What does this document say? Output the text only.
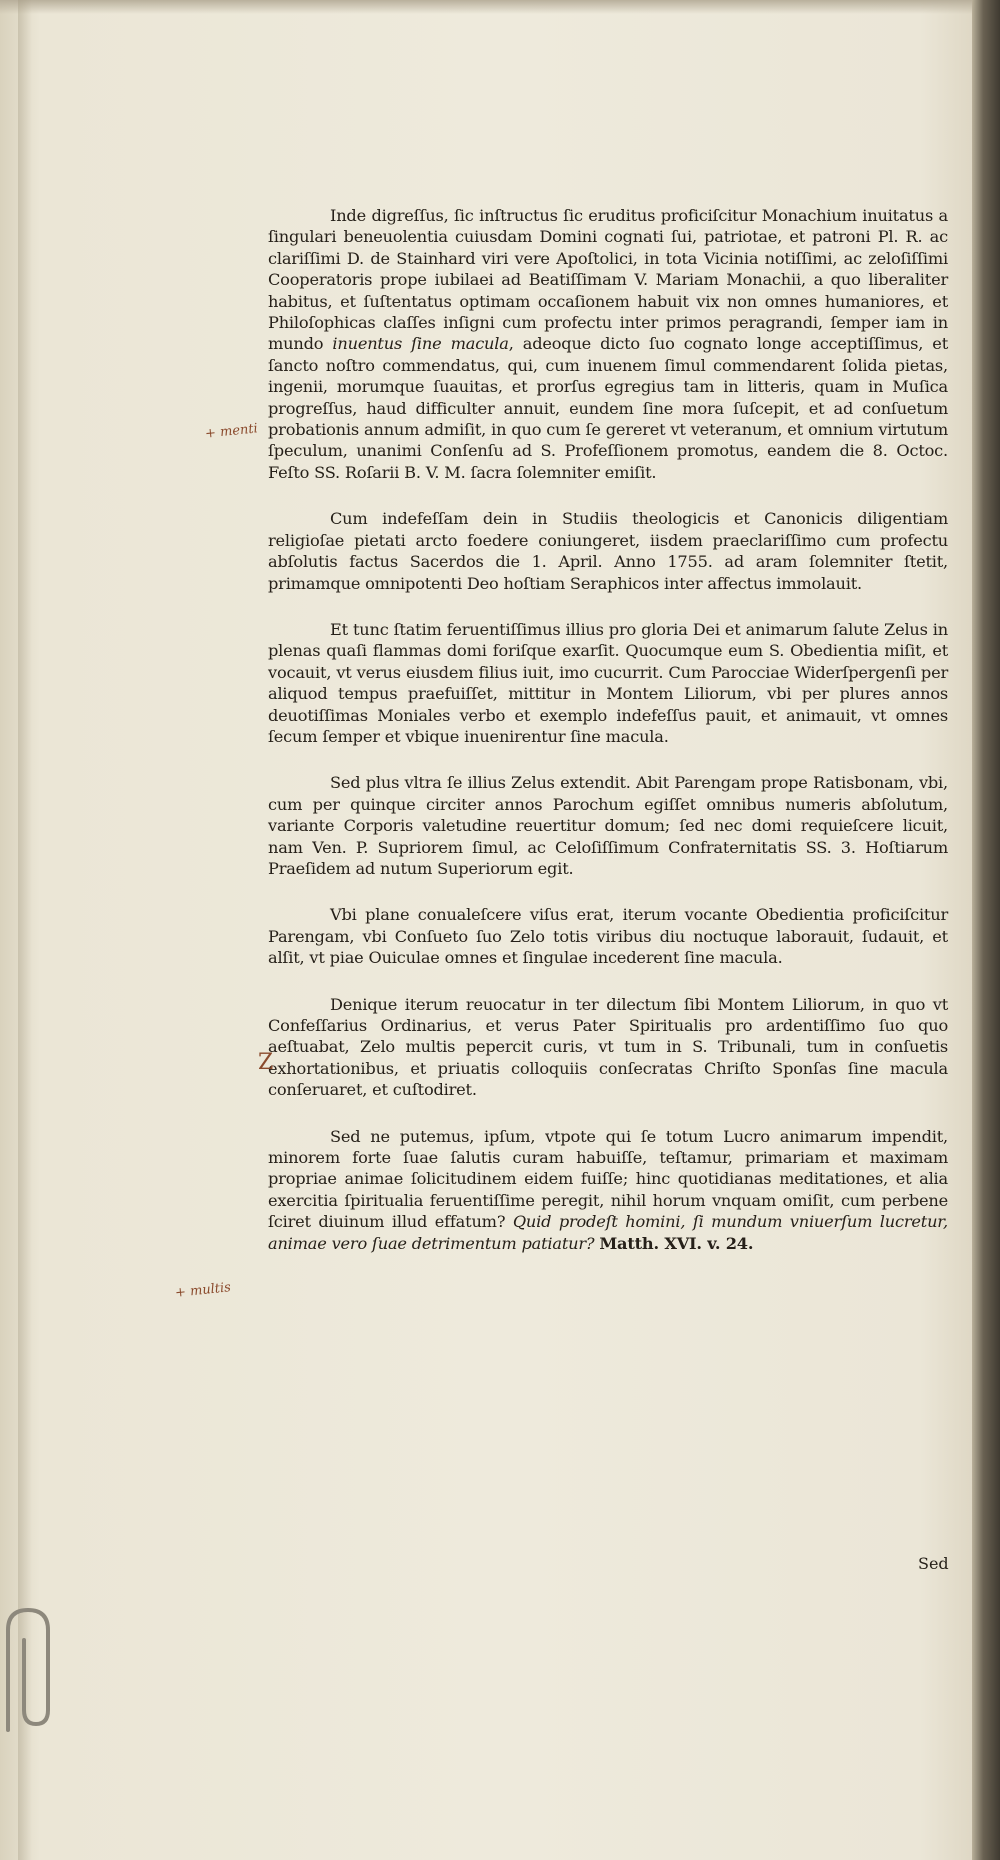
Inde digreſſus, ſic inſtructus ſic eruditus proficiſcitur Monachium inuitatus a ſingulari beneuolentia cuiusdam Domini cognati ſui, patriotae, et patroni Pl. R. ac clariſſimi D. de Stainhard viri vere Apoſtolici, in tota Vicinia notiſſimi, ac zeloſiſſimi Cooperatoris prope iubilaei ad Beatiſſimam V. Mariam Monachii, a quo liberaliter habitus, et ſuſtentatus optimam occaſionem habuit vix non omnes humaniores, et Philoſophicas claſſes inſigni cum profectu inter primos peragrandi, ſemper iam in mundo inuentus ſine macula, adeoque dicto ſuo cognato longe acceptiſſimus, et ſancto noſtro commendatus, qui, cum inuenem ſimul commendarent ſolida pietas, ingenii, morumque ſuauitas, et prorſus egregius tam in litteris, quam in Muſica progreſſus, haud difficulter annuit, eundem ſine mora ſuſcepit, et ad conſuetum probationis annum admiſit, in quo cum ſe gereret vt veteranum, et omnium virtutum ſpeculum, unanimi Conſenſu ad S. Profeſſionem promotus, eandem die 8. Octoc. Feſto SS. Roſarii B. V. M. ſacra ſolemniter emiſit.

Cum indefeſſam dein in Studiis theologicis et Canonicis diligentiam religioſae pietati arcto foedere coniungeret, iisdem praeclariſſimo cum profectu abſolutis factus Sacerdos die 1. April. Anno 1755. ad aram ſolemniter ſtetit, primamque omnipotenti Deo hoſtiam Seraphicos inter affectus immolauit.

Et tunc ſtatim feruentiſſimus illius pro gloria Dei et animarum ſalute Zelus in plenas quaſi flammas domi foriſque exarſit. Quocumque eum S. Obedientia miſit, et vocauit, vt verus eiusdem filius iuit, imo cucurrit. Cum Parocciae Widerſpergenſi per aliquod tempus praefuiſſet, mittitur in Montem Liliorum, vbi per plures annos deuotiſſimas Moniales verbo et exemplo indefeſſus pauit, et animauit, vt omnes ſecum ſemper et vbique inuenirentur ſine macula.

Sed plus vltra ſe illius Zelus extendit. Abit Parengam prope Ratisbonam, vbi, cum per quinque circiter annos Parochum egiſſet omnibus numeris abſolutum, variante Corporis valetudine reuertitur domum; ſed nec domi requieſcere licuit, nam Ven. P. Supriorem ſimul, ac Celoſiſſimum Confraternitatis SS. 3. Hoſtiarum Praeſidem ad nutum Superiorum egit.

Vbi plane conualeſcere viſus erat, iterum vocante Obedientia proficiſcitur Parengam, vbi Conſueto ſuo Zelo totis viribus diu noctuque laborauit, ſudauit, et alſit, vt piae Ouiculae omnes et ſingulae incederent ſine macula.

Denique iterum reuocatur in ter dilectum ſibi Montem Liliorum, in quo vt Confeſſarius Ordinarius, et verus Pater Spiritualis pro ardentiſſimo ſuo quo aeſtuabat, Zelo multis pepercit curis, vt tum in S. Tribunali, tum in conſuetis exhortationibus, et priuatis colloquiis conſecratas Chriſto Sponſas ſine macula conſeruaret, et cuſtodiret.

Sed ne putemus, ipſum, vtpote qui ſe totum Lucro animarum impendit, minorem forte ſuae ſalutis curam habuiſſe, teſtamur, primariam et maximam propriae animae ſolicitudinem eidem fuiſſe; hinc quotidianas meditationes, et alia exercitia ſpiritualia feruentiſſime peregit, nihil horum vnquam omiſit, cum perbene ſciret diuinum illud effatum? Quid prodeſt homini, ſi mundum vniuerſum lucretur, animae vero ſuae detrimentum patiatur? Matth. XVI. v. 24.

Sed
+ menti
Z
+ multis
